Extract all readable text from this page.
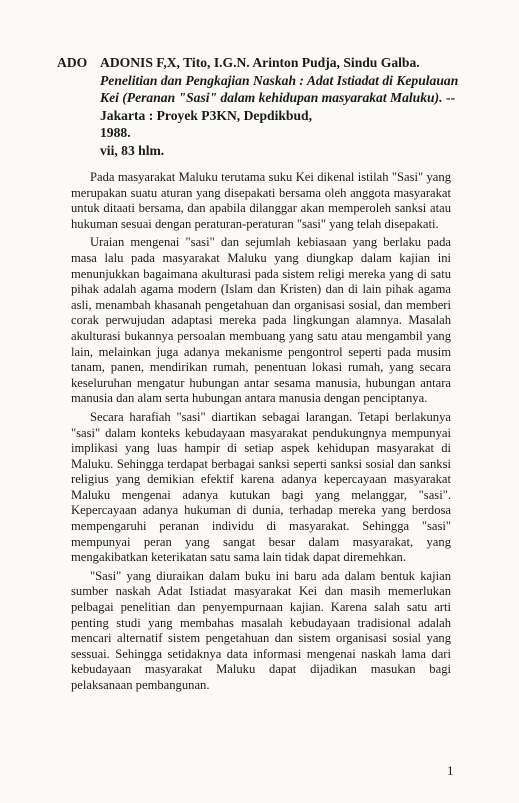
ADO ADONIS F,X, Tito, I.G.N. Arinton Pudja, Sindu Galba. Penelitian dan Pengkajian Naskah : Adat Istiadat di Kepulauan Kei (Peranan "Sasi" dalam kehidupan masyarakat Maluku). -- Jakarta : Proyek P3KN, Depdikbud,
1988.
vii, 83 hlm.

Pada masyarakat Maluku terutama suku Kei dikenal istilah "Sasi" yang merupakan suatu aturan yang disepakati bersama oleh anggota masyarakat untuk ditaati bersama, dan apabila dilanggar akan memperoleh sanksi atau hukuman sesuai dengan peraturan-peraturan "sasi" yang telah disepakati.

Uraian mengenai "sasi" dan sejumlah kebiasaan yang berlaku pada masa lalu pada masyarakat Maluku yang diungkap dalam kajian ini menunjukkan bagaimana akulturasi pada sistem religi mereka yang di satu pihak adalah agama modern (Islam dan Kristen) dan di lain pihak agama asli, menambah khasanah pengetahuan dan organisasi sosial, dan memberi corak perwujudan adaptasi mereka pada lingkungan alamnya. Masalah akulturasi bukannya persoalan membuang yang satu atau mengambil yang lain, melainkan juga adanya mekanisme pengontrol seperti pada musim tanam, panen, mendirikan rumah, penentuan lokasi rumah, yang secara keseluruhan mengatur hubungan antar sesama manusia, hubungan antara manusia dan alam serta hubungan antara manusia dengan penciptanya.

Secara harafiah "sasi" diartikan sebagai larangan. Tetapi berlakunya "sasi" dalam konteks kebudayaan masyarakat pendukungnya mempunyai implikasi yang luas hampir di setiap aspek kehidupan masyarakat di Maluku. Sehingga terdapat berbagai sanksi seperti sanksi sosial dan sanksi religius yang demikian efektif karena adanya kepercayaan masyarakat Maluku mengenai adanya kutukan bagi yang melanggar, "sasi". Kepercayaan adanya hukuman di dunia, terhadap mereka yang berdosa mempengaruhi peranan individu di masyarakat. Sehingga "sasi" mempunyai peran yang sangat besar dalam masyarakat, yang mengakibatkan keterikatan satu sama lain tidak dapat diremehkan.

"Sasi" yang diuraikan dalam buku ini baru ada dalam bentuk kajian sumber naskah Adat Istiadat masyarakat Kei dan masih memerlukan pelbagai penelitian dan penyempurnaan kajian. Karena salah satu arti penting studi yang membahas masalah kebudayaan tradisional adalah mencari alternatif sistem pengetahuan dan sistem organisasi sosial yang sessuai. Sehingga setidaknya data informasi mengenai naskah lama dari kebudayaan masyarakat Maluku dapat dijadikan masukan bagi pelaksanaan pembangunan.

1
